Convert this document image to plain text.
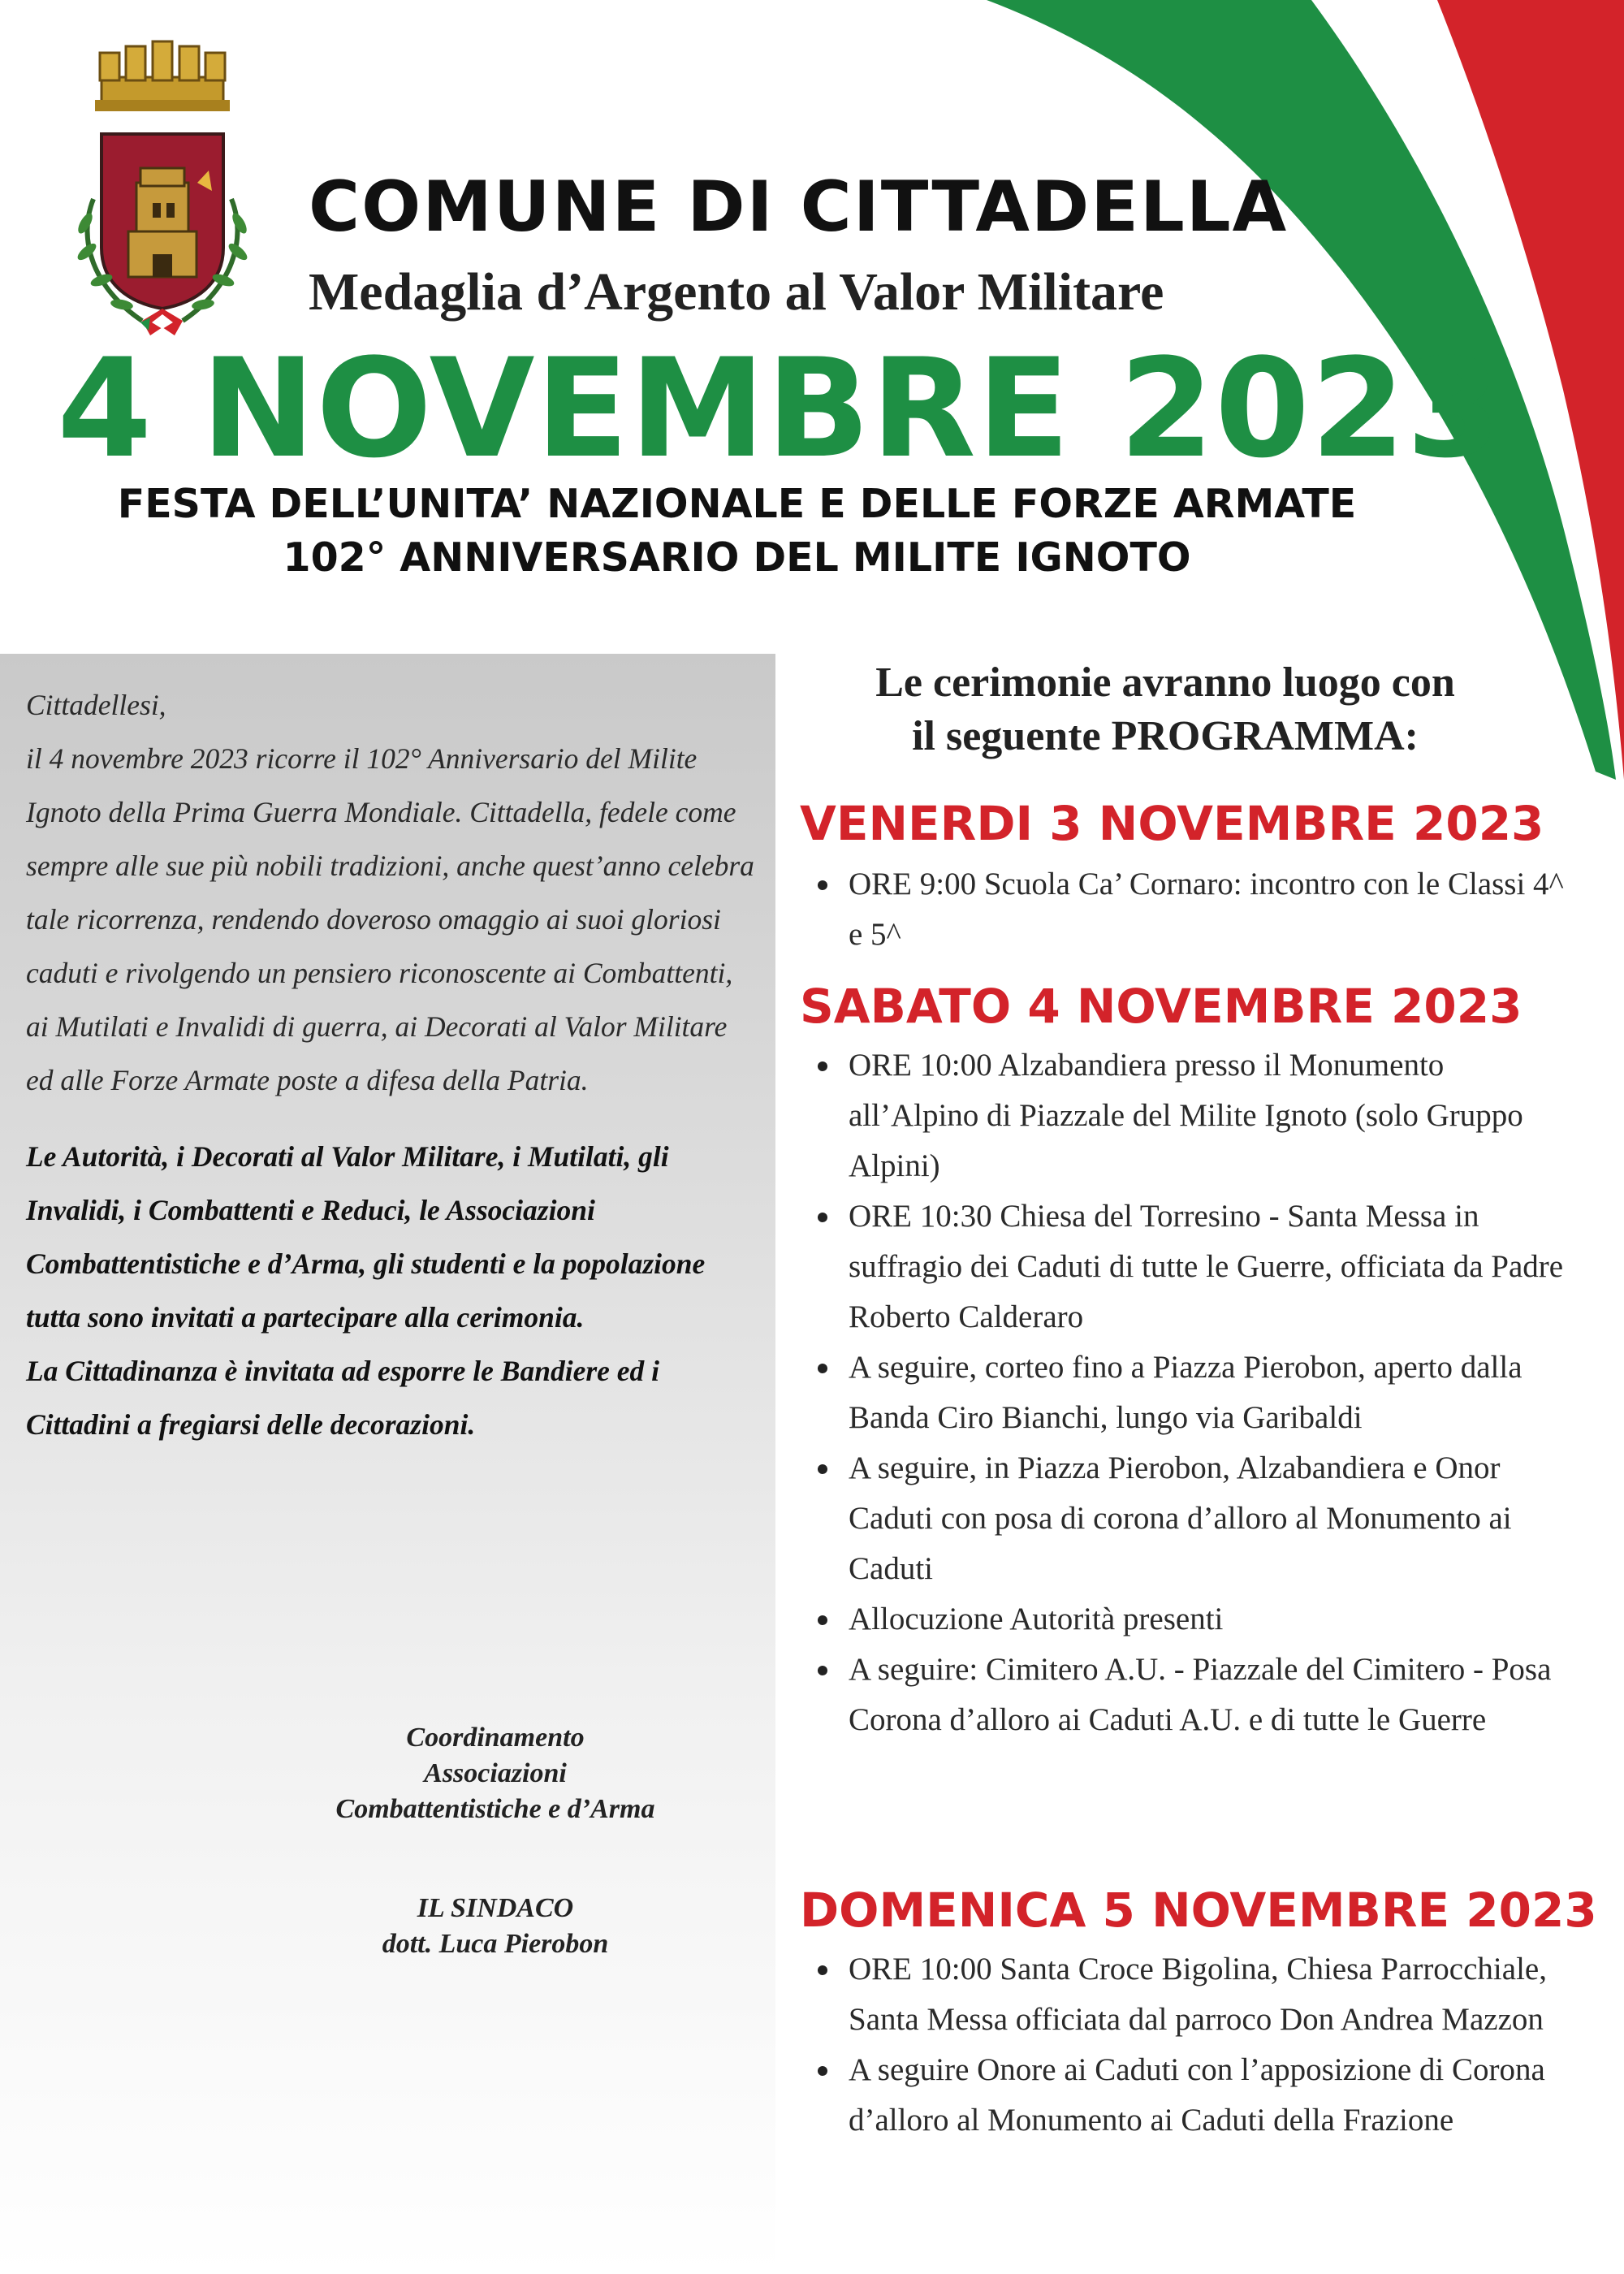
COMUNE DI CITTADELLA

Medaglia d’Argento al Valor Militare

4 NOVEMBRE 2023
FESTA DELL’UNITA’ NAZIONALE E DELLE FORZE ARMATE
102° ANNIVERSARIO DEL MILITE IGNOTO

Cittadellesi,

il 4 novembre 2023 ricorre il 102° Anniversario del Milite Ignoto della Prima Guerra Mondiale. Cittadella, fedele come sempre alle sue più nobili tradizioni, anche quest’anno celebra tale ricorrenza, rendendo doveroso omaggio ai suoi gloriosi caduti e rivolgendo un pensiero riconoscente ai Combattenti, ai Mutilati e Invalidi di guerra, ai Decorati al Valor Militare ed alle Forze Armate poste a difesa della Patria.

Le Autorità, i Decorati al Valor Militare, i Mutilati, gli Invalidi, i Combattenti e Reduci, le Associazioni Combattentistiche e d’Arma, gli studenti e la popolazione tutta sono invitati a partecipare alla cerimonia.

La Cittadinanza è invitata ad esporre le Bandiere ed i Cittadini a fregiarsi delle decorazioni.

Coordinamento

Associazioni

Combattentistiche e d’Arma

IL SINDACO

dott. Luca Pierobon

Le cerimonie avranno luogo con
il seguente PROGRAMMA:
VENERDI 3 NOVEMBRE 2023
ORE 9:00 Scuola Ca’ Cornaro: incontro con le Classi 4^ e 5^
SABATO 4 NOVEMBRE 2023
ORE 10:00 Alzabandiera presso il Monumento all’Alpino di Piazzale del Milite Ignoto (solo Gruppo Alpini)
ORE 10:30 Chiesa del Torresino - Santa Messa in suffragio dei Caduti di tutte le Guerre, officiata da Padre Roberto Calderaro
A seguire, corteo fino a Piazza Pierobon, aperto dalla Banda Ciro Bianchi, lungo via Garibaldi
A seguire, in Piazza Pierobon, Alzabandiera e Onor Caduti con posa di corona d’alloro al Monumento ai Caduti
Allocuzione Autorità presenti
A seguire: Cimitero A.U. - Piazzale del Cimitero - Posa Corona d’alloro ai Caduti A.U. e di tutte le Guerre
DOMENICA 5 NOVEMBRE 2023
ORE 10:00 Santa Croce Bigolina, Chiesa Parrocchiale, Santa Messa officiata dal parroco Don Andrea Mazzon
A seguire Onore ai Caduti con l’apposizione di Corona d’alloro al Monumento ai Caduti della Frazione
